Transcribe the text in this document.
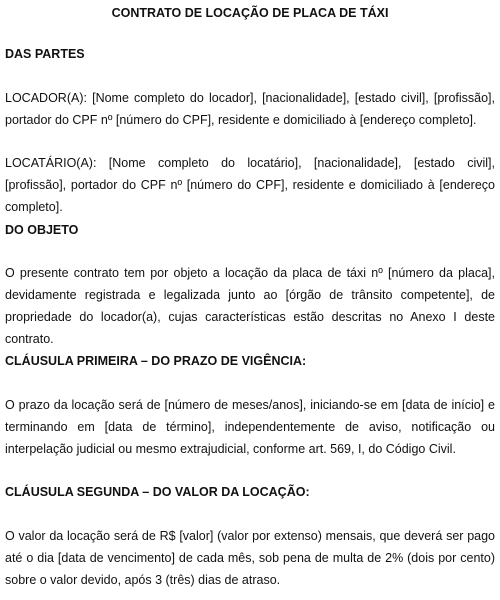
CONTRATO DE LOCAÇÃO DE PLACA DE TÁXI
DAS PARTES
LOCADOR(A): [Nome completo do locador], [nacionalidade], [estado civil], [profissão], portador do CPF nº [número do CPF], residente e domiciliado à [endereço completo].
LOCATÁRIO(A): [Nome completo do locatário], [nacionalidade], [estado civil], [profissão], portador do CPF nº [número do CPF], residente e domiciliado à [endereço completo].
DO OBJETO
O presente contrato tem por objeto a locação da placa de táxi nº [número da placa], devidamente registrada e legalizada junto ao [órgão de trânsito competente], de propriedade do locador(a), cujas características estão descritas no Anexo I deste contrato.
CLÁUSULA PRIMEIRA – DO PRAZO DE VIGÊNCIA:
O prazo da locação será de [número de meses/anos], iniciando-se em [data de início] e terminando em [data de término], independentemente de aviso, notificação ou interpelação judicial ou mesmo extrajudicial, conforme art. 569, I, do Código Civil.
CLÁUSULA SEGUNDA – DO VALOR DA LOCAÇÃO:
O valor da locação será de R$ [valor] (valor por extenso) mensais, que deverá ser pago até o dia [data de vencimento] de cada mês, sob pena de multa de 2% (dois por cento) sobre o valor devido, após 3 (três) dias de atraso.
